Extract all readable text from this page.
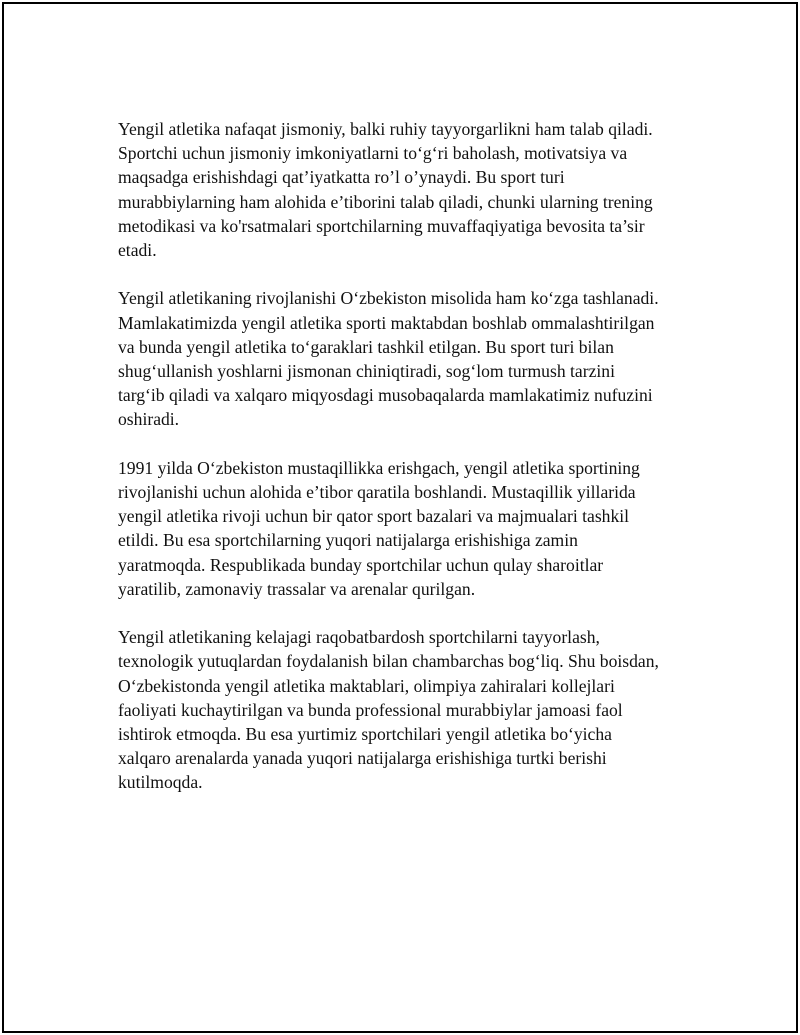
Yengil atletika nafaqat jismoniy, balki ruhiy tayyorgarlikni ham talab qiladi.
Sportchi uchun jismoniy imkoniyatlarni to‘g‘ri baholash, motivatsiya va
maqsadga erishishdagi qat’iyatkatta ro’l o’ynaydi. Bu sport turi
murabbiylarning ham alohida e’tiborini talab qiladi, chunki ularning trening
metodikasi va ko'rsatmalari sportchilarning muvaffaqiyatiga bevosita ta’sir
etadi.

Yengil atletikaning rivojlanishi O‘zbekiston misolida ham ko‘zga tashlanadi.
Mamlakatimizda yengil atletika sporti maktabdan boshlab ommalashtirilgan
va bunda yengil atletika to‘garaklari tashkil etilgan. Bu sport turi bilan
shug‘ullanish yoshlarni jismonan chiniqtiradi, sog‘lom turmush tarzini
targ‘ib qiladi va xalqaro miqyosdagi musobaqalarda mamlakatimiz nufuzini
oshiradi.

1991 yilda O‘zbekiston mustaqillikka erishgach, yengil atletika sportining
rivojlanishi uchun alohida e’tibor qaratila boshlandi. Mustaqillik yillarida
yengil atletika rivoji uchun bir qator sport bazalari va majmualari tashkil
etildi. Bu esa sportchilarning yuqori natijalarga erishishiga zamin
yaratmoqda. Respublikada bunday sportchilar uchun qulay sharoitlar
yaratilib, zamonaviy trassalar va arenalar qurilgan.

Yengil atletikaning kelajagi raqobatbardosh sportchilarni tayyorlash,
texnologik yutuqlardan foydalanish bilan chambarchas bog‘liq. Shu boisdan,
O‘zbekistonda yengil atletika maktablari, olimpiya zahiralari kollejlari
faoliyati kuchaytirilgan va bunda professional murabbiylar jamoasi faol
ishtirok etmoqda. Bu esa yurtimiz sportchilari yengil atletika bo‘yicha
xalqaro arenalarda yanada yuqori natijalarga erishishiga turtki berishi
kutilmoqda.
